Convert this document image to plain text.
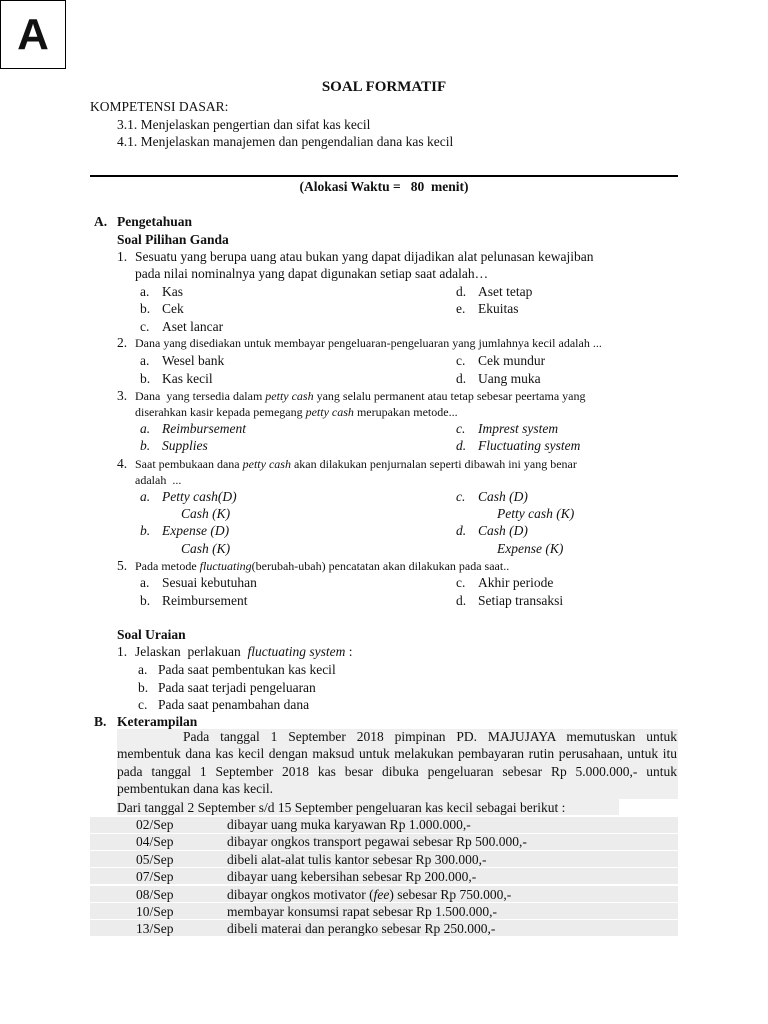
SOAL FORMATIF
KOMPETENSI DASAR:
3.1. Menjelaskan pengertian dan sifat kas kecil
4.1. Menjelaskan manajemen dan pengendalian dana kas kecil
A
(Alokasi Waktu =   80  menit)
A. Pengetahuan
Soal Pilihan Ganda
1. Sesuatu yang berupa uang atau bukan yang dapat dijadikan alat pelunasan kewajiban
pada nilai nominalnya yang dapat digunakan setiap saat adalah…
a. Kas	d. Aset tetap
b. Cek	e. Ekuitas
c. Aset lancar
2. Dana yang disediakan untuk membayar pengeluaran-pengeluaran yang jumlahnya kecil adalah ...
a. Wesel bank	c. Cek mundur
b. Kas kecil	d. Uang muka
3. Dana  yang tersedia dalam petty cash yang selalu permanent atau tetap sebesar peertama yang
diserahkan kasir kepada pemegang petty cash merupakan metode...
a. Reimbursement	c. Imprest system
b. Supplies	d. Fluctuating system
4. Saat pembukaan dana petty cash akan dilakukan penjurnalan seperti dibawah ini yang benar
adalah  ...
a. Petty cash(D)
Cash (K)
c. Cash (D)
Petty cash (K)
b. Expense (D)
Cash (K)
d. Cash (D)
Expense (K)
5. Pada metode fluctuating(berubah-ubah) pencatatan akan dilakukan pada saat..
a. Sesuai kebutuhan	c. Akhir periode
b. Reimbursement	d. Setiap transaksi
Soal Uraian
1. Jelaskan  perlakuan  fluctuating system :
a. Pada saat pembentukan kas kecil
b. Pada saat terjadi pengeluaran
c. Pada saat penambahan dana
B. Keterampilan

Pada tanggal 1 September 2018 pimpinan PD. MAJUJAYA memutuskan untuk membentuk dana kas kecil dengan maksud untuk melakukan pembayaran rutin perusahaan, untuk itu pada tanggal 1 September 2018 kas besar dibuka pengeluaran sebesar Rp 5.000.000,- untuk pembentukan dana kas kecil.

Dari tanggal 2 September s/d 15 September pengeluaran kas kecil sebagai berikut :
02/Sep	dibayar uang muka karyawan Rp 1.000.000,-
04/Sep	dibayar ongkos transport pegawai sebesar Rp 500.000,-
05/Sep	dibeli alat-alat tulis kantor sebesar Rp 300.000,-
07/Sep	dibayar uang kebersihan sebesar Rp 200.000,-
08/Sep	dibayar ongkos motivator (fee) sebesar Rp 750.000,-
10/Sep	membayar konsumsi rapat sebesar Rp 1.500.000,-
13/Sep	dibeli materai dan perangko sebesar Rp 250.000,-
